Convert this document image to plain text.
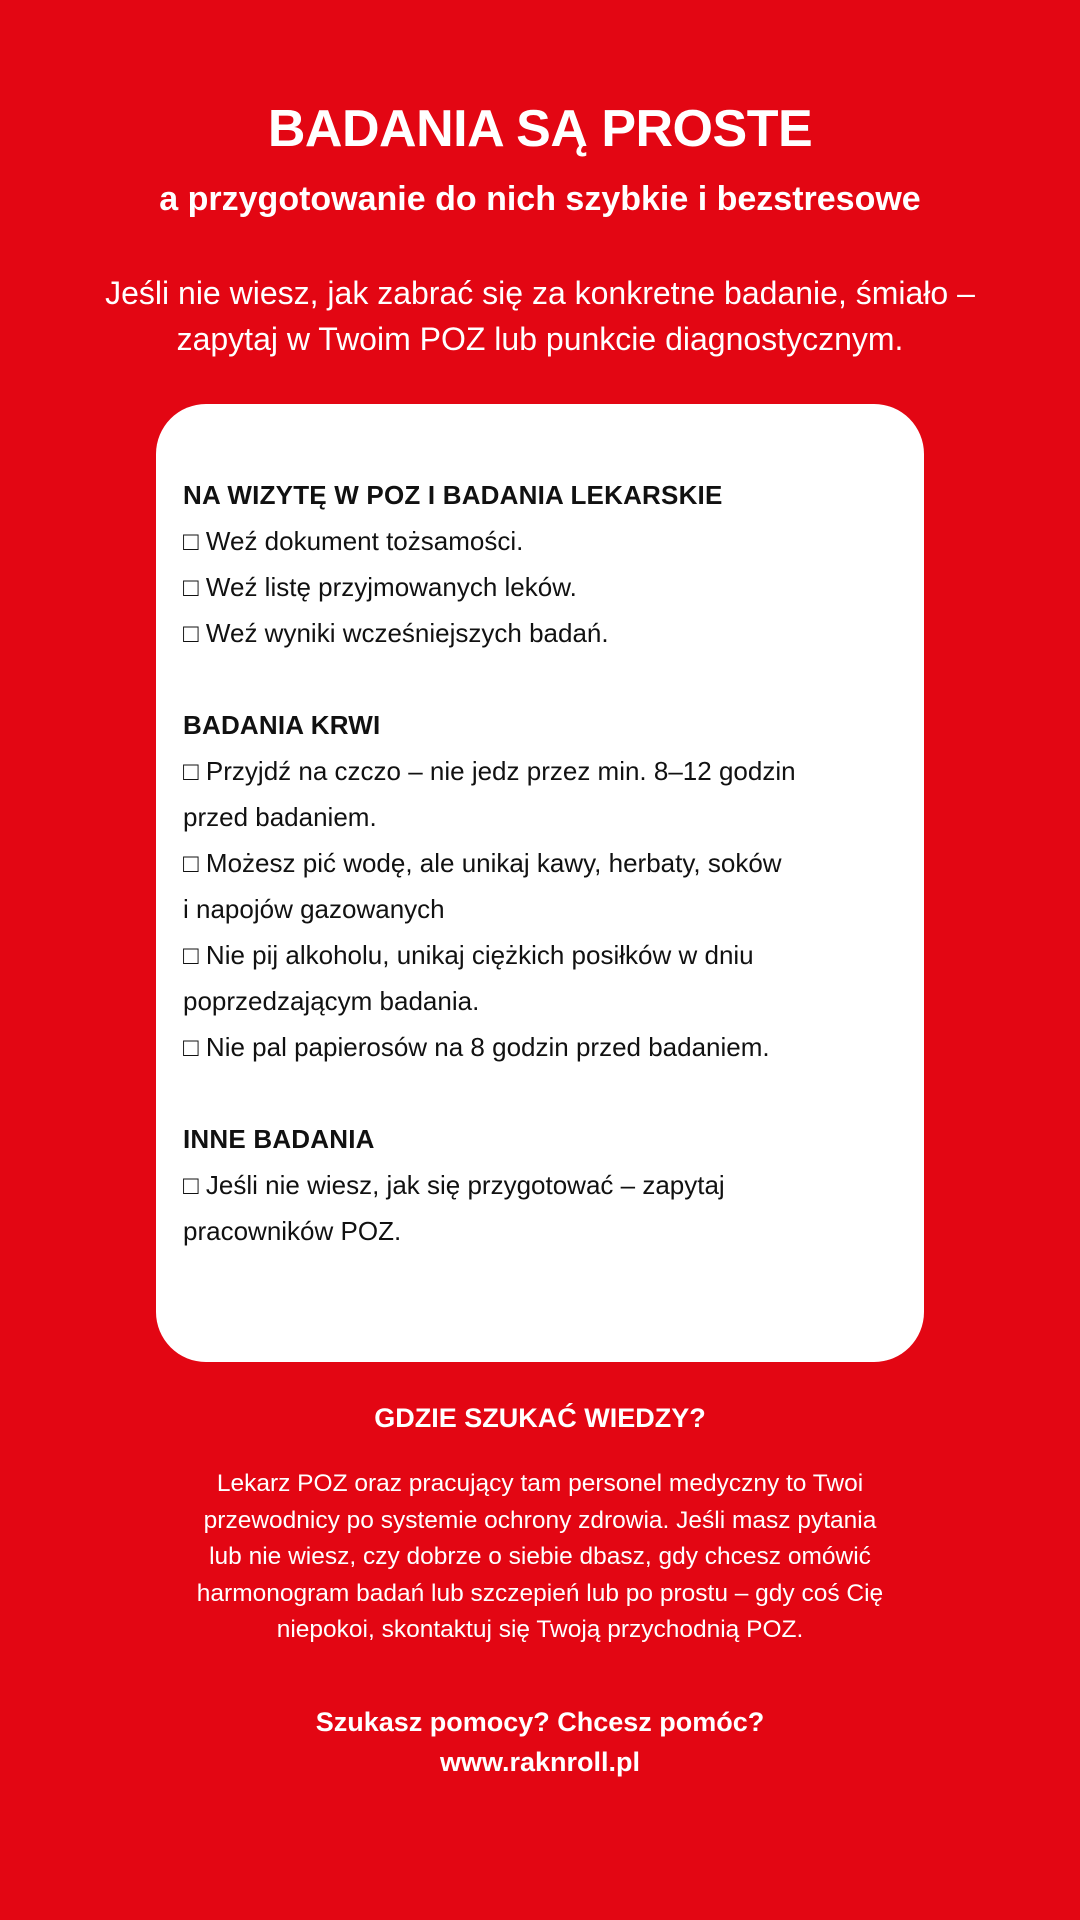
BADANIA SĄ PROSTE
a przygotowanie do nich szybkie i bezstresowe
Jeśli nie wiesz, jak zabrać się za konkretne badanie, śmiało –
zapytaj w Twoim POZ lub punkcie diagnostycznym.

NA WIZYTĘ W POZ I BADANIA LEKARSKIE

□ Weź dokument tożsamości.

□ Weź listę przyjmowanych leków.

□ Weź wyniki wcześniejszych badań.

BADANIA KRWI

□ Przyjdź na czczo – nie jedz przez min. 8–12 godzin

przed badaniem.

□ Możesz pić wodę, ale unikaj kawy, herbaty, soków

i napojów gazowanych

□ Nie pij alkoholu, unikaj ciężkich posiłków w dniu

poprzedzającym badania.

□ Nie pal papierosów na 8 godzin przed badaniem.

INNE BADANIA

□ Jeśli nie wiesz, jak się przygotować – zapytaj

pracowników POZ.

GDZIE SZUKAĆ WIEDZY?
Lekarz POZ oraz pracujący tam personel medyczny to Twoi
przewodnicy po systemie ochrony zdrowia. Jeśli masz pytania
lub nie wiesz, czy dobrze o siebie dbasz, gdy chcesz omówić
harmonogram badań lub szczepień lub po prostu – gdy coś Cię
niepokoi, skontaktuj się Twoją przychodnią POZ.
Szukasz pomocy? Chcesz pomóc?
www.raknroll.pl
